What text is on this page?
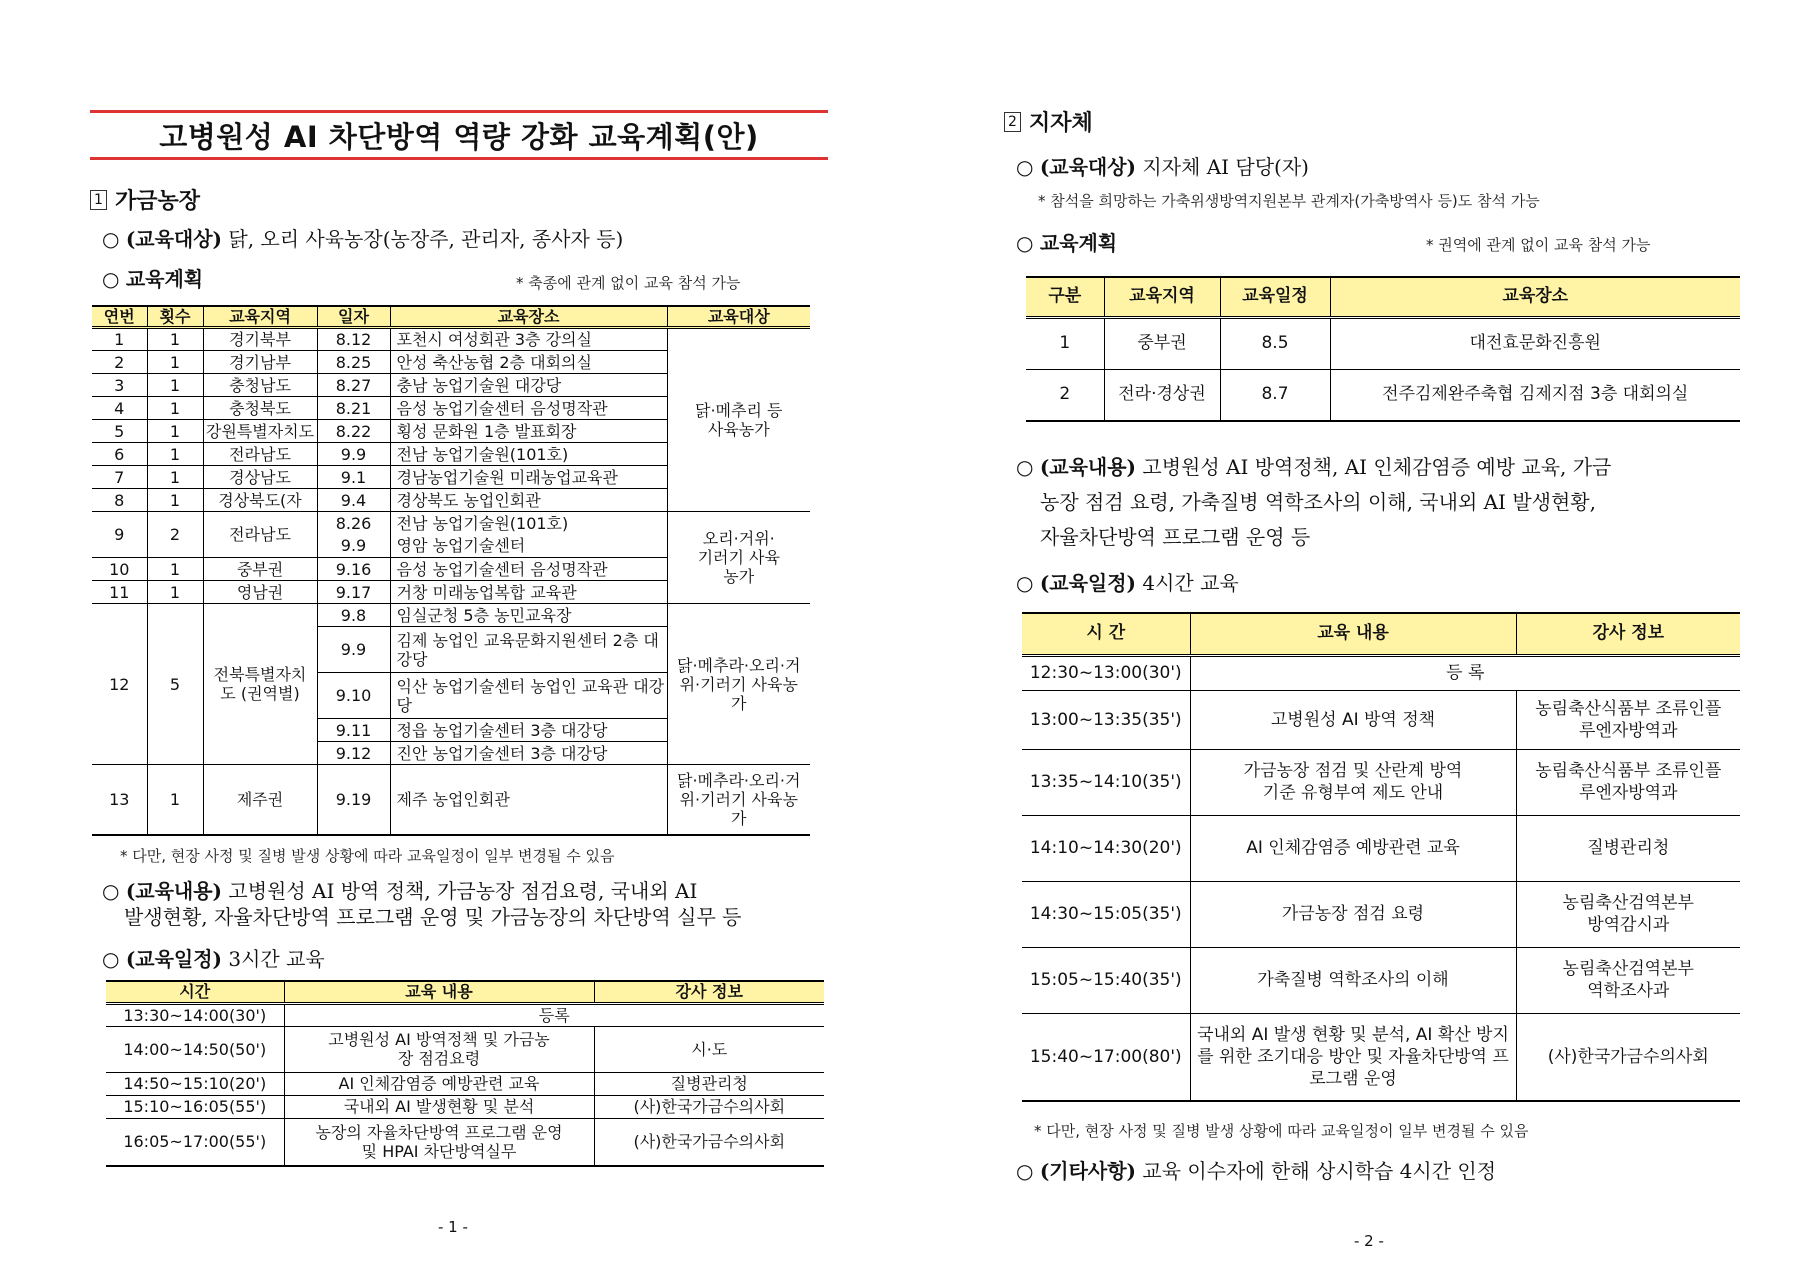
고병원성 AI 차단방역 역량 강화 교육계획(안)
1 가금농장
○ (교육대상) 닭, 오리 사육농장(농장주, 관리자, 종사자 등)
○ 교육계획	* 축종에 관계 없이 교육 참석 가능
연번	횟수	교육지역	일자	교육장소	교육대상
1	1	경기북부	8.12	포천시 여성회관 3층 강의실	닭·메추리 등 사육농가
2	1	경기남부	8.25	안성 축산농협 2층 대회의실	
3	1	충청남도	8.27	충남 농업기술원 대강당	
4	1	충청북도	8.21	음성 농업기술센터 음성명작관	
5	1	강원특별자치도	8.22	횡성 문화원 1층 발표회장	
6	1	전라남도	9.9	전남 농업기술원(101호)	
7	1	경상남도	9.1	경남농업기술원 미래농업교육관	
8	1	경상북도(자	9.4	경상북도 농업인회관	
9	2	전라남도	8.26	전남 농업기술원(101호)	오리·거위·기러기 사육농가
			9.9	영암 농업기술센터	
10	1	중부권	9.16	음성 농업기술센터 음성명작관	
11	1	영남권	9.17	거창 미래농업복합 교육관	
12	5	전북특별자치도 (권역별)	9.8	임실군청 5층 농민교육장	닭·메추라·오리·거위·기러기 사육농가
			9.9	김제 농업인 교육문화지원센터 2층 대강당	
			9.10	익산 농업기술센터 농업인 교육관 대강당	
			9.11	정읍 농업기술센터 3층 대강당	
			9.12	진안 농업기술센터 3층 대강당	
13	1	제주권	9.19	제주 농업인회관	닭·메추라·오리·거위·기러기 사육농가
* 다만, 현장 사정 및 질병 발생 상황에 따라 교육일정이 일부 변경될 수 있음
○ (교육내용) 고병원성 AI 방역 정책, 가금농장 점검요령, 국내외 AI
발생현황, 자율차단방역 프로그램 운영 및 가금농장의 차단방역 실무 등
○ (교육일정) 3시간 교육
시간	교육 내용	강사 정보
13:30~14:00(30')	등록	
14:00~14:50(50')	고병원성 AI 방역정책 및 가금농장 점검요령	시·도
14:50~15:10(20')	AI 인체감염증 예방관련 교육	질병관리청
15:10~16:05(55')	국내외 AI 발생현황 및 분석	(사)한국가금수의사회
16:05~17:00(55')	농장의 자율차단방역 프로그램 운영 및 HPAI 차단방역실무	(사)한국가금수의사회
- 1 -
2 지자체
○ (교육대상) 지자체 AI 담당(자)
* 참석을 희망하는 가축위생방역지원본부 관계자(가축방역사 등)도 참석 가능
○ 교육계획	* 권역에 관계 없이 교육 참석 가능
구분	교육지역	교육일정	교육장소
1	중부권	8.5	대전효문화진흥원
2	전라·경상권	8.7	전주김제완주축협 김제지점 3층 대회의실
○ (교육내용) 고병원성 AI 방역정책, AI 인체감염증 예방 교육, 가금
농장 점검 요령, 가축질병 역학조사의 이해, 국내외 AI 발생현황,
자율차단방역 프로그램 운영 등
○ (교육일정) 4시간 교육
시 간	교육 내용	강사 정보
12:30~13:00(30')	등 록	
13:00~13:35(35')	고병원성 AI 방역 정책	농림축산식품부 조류인플루엔자방역과
13:35~14:10(35')	가금농장 점검 및 산란계 방역기준 유형부여 제도 안내	농림축산식품부 조류인플루엔자방역과
14:10~14:30(20')	AI 인체감염증 예방관련 교육	질병관리청
14:30~15:05(35')	가금농장 점검 요령	농림축산검역본부 방역감시과
15:05~15:40(35')	가축질병 역학조사의 이해	농림축산검역본부 역학조사과
15:40~17:00(80')	국내외 AI 발생 현황 및 분석, AI 확산 방지를 위한 조기대응 방안 및 자율차단방역 프로그램 운영	(사)한국가금수의사회
* 다만, 현장 사정 및 질병 발생 상황에 따라 교육일정이 일부 변경될 수 있음
○ (기타사항) 교육 이수자에 한해 상시학습 4시간 인정
- 2 -
